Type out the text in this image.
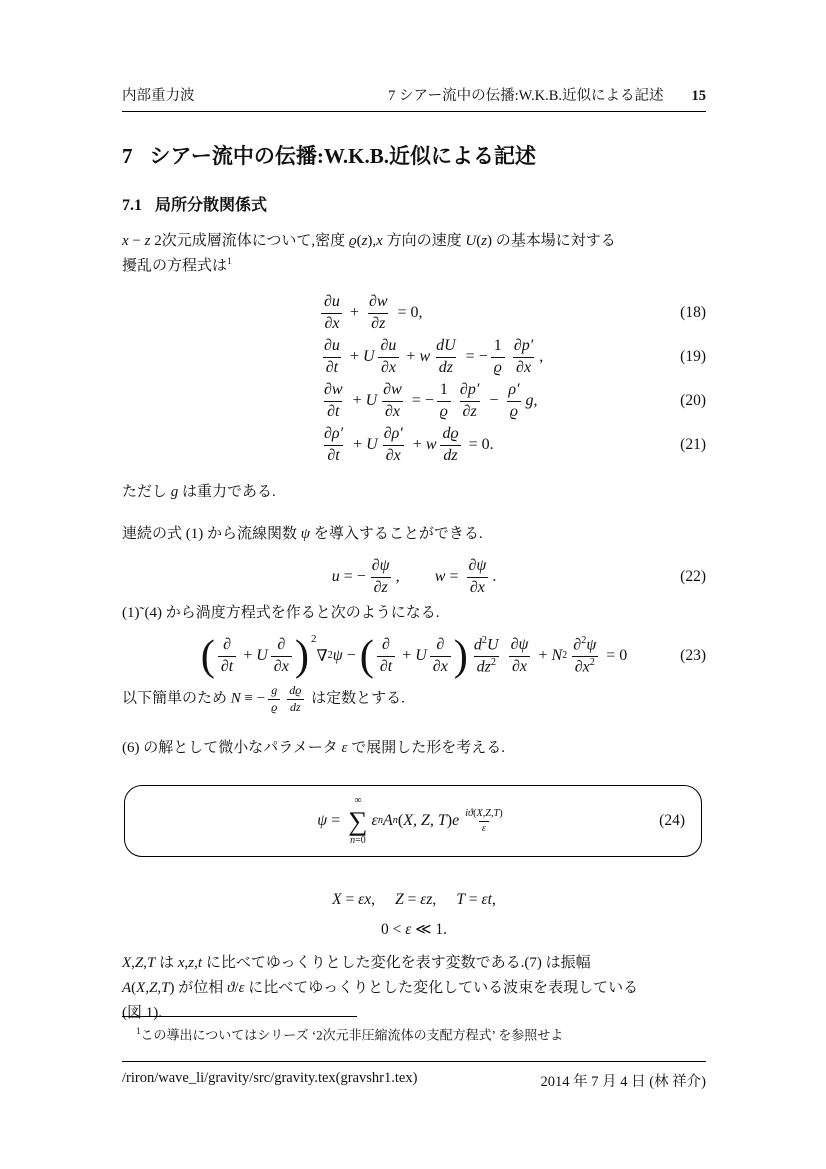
内部重力波	7 シアー流中の伝播:W.K.B.近似による記述 15
7 シアー流中の伝播:W.K.B.近似による記述
7.1 局所分散関係式
x − z 2次元成層流体について,密度 ϱ(z),x 方向の速度 U(z) の基本場に対する
擾乱の方程式は$^1$
$\frac{\partial u}{\partial x} + \frac{\partial w}{\partial z} = 0$,	(18)
$\frac{\partial u}{\partial t} + U \frac{\partial u}{\partial x} + w \frac{dU}{dz}$ = − $\frac{1}{ϱ} \frac{\partial p'}{\partial x}$ ,	(19)
$\frac{\partial w}{\partial t} + U \frac{\partial w}{\partial x}$ = − $\frac{1}{ϱ} \frac{\partial p'}{\partial z} - \frac{\rho'}{ϱ}$ g ,	(20)
$\frac{\partial\rho'}{\partial t} + U \frac{\partial\rho'}{\partial x} + w \frac{dϱ}{dz} = 0$.	(21)
ただし g は重力である.
連続の式 (1) から流線関数 ψ を導入することができる.
u = − $\frac{\partial\psi}{\partial z}$ , $w = \frac{\partial\psi}{\partial x}$ .	(22)
(1)˜(4) から渦度方程式を作ると次のようになる.
( $\frac{\partial}{\partial t} + U \frac{\partial}{\partial x}$ ) 2
∇ 2 ψ − ( $\frac{\partial}{\partial t} + U \frac{\partial}{\partial x}$ ) $\frac{d^2U}{dz^2} \frac{\partial\psi}{\partial x} + N$ $2 \frac{\partial^2\psi}{\partial x^2} = 0$	(23)
以下簡単のため N ≡ − $\frac{g}{ϱ} \frac{dϱ}{dz}$ は定数とする.
(6) の解として微小なパラメータ ε で展開した形を考える.
ψ =
∞
∑
n=0
ε n A n ( X, Z, T ) e $\frac{iϑ(X,Z,T)}{\varepsilon}$	(24)
X = εx, Z = εz, T = εt,
0 < ε ≪ 1.
X,Z,T は x,z,t に比べてゆっくりとした変化を表す変数である.(7) は振幅
A(X,Z,T) が位相 ϑ/ε に比べてゆっくりとした変化している波束を表現している
(図 1).
$^1$この導出についてはシリーズ ‘2次元非圧縮流体の支配方程式’ を参照せよ
/riron/wave_li/gravity/src/gravity.tex(gravshr1.tex)	2014 年 7 月 4 日 (林 祥介)
